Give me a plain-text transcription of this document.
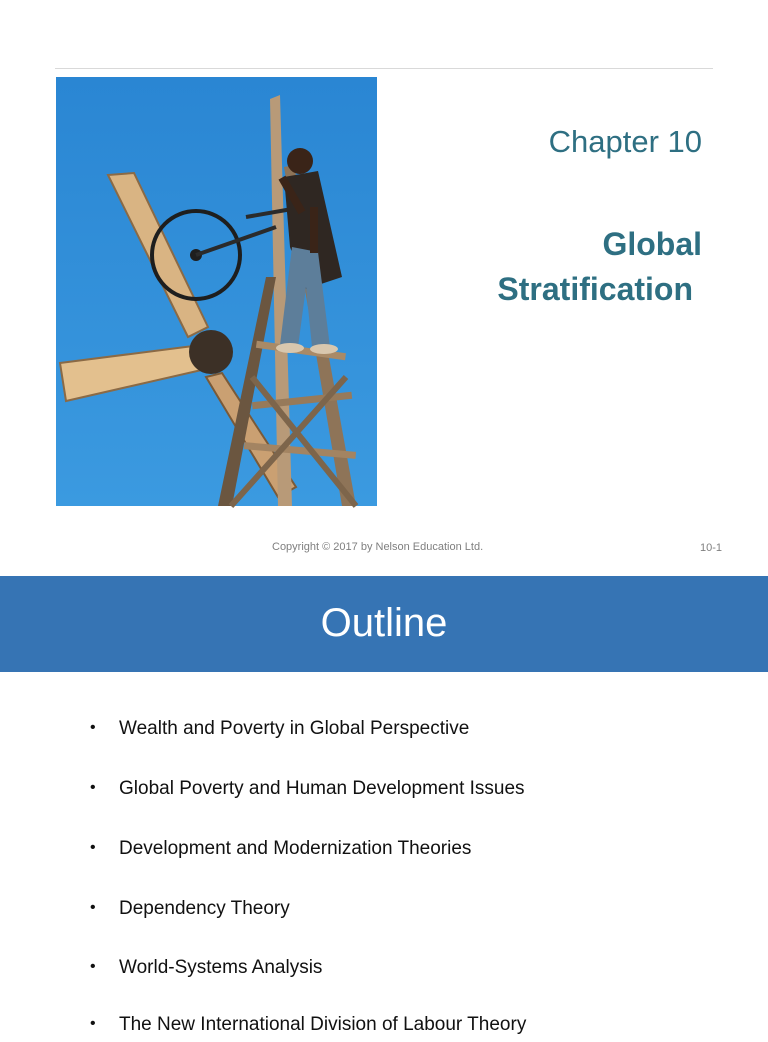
Chapter 10
Global
Stratification
Copyright © 2017 by Nelson Education Ltd.	10-1
Outline
• Wealth and Poverty in Global Perspective
• Global Poverty and Human Development Issues
• Development and Modernization Theories
• Dependency Theory
• World-Systems Analysis
• The New International Division of Labour Theory
